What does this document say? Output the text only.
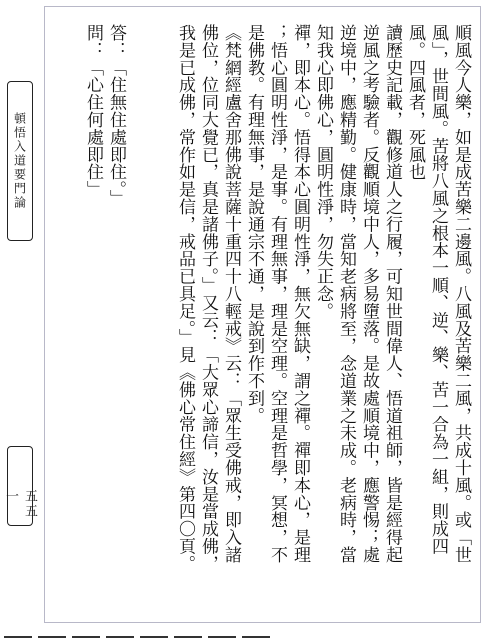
順風今人樂，如是成苦樂二邊風。八風及苦樂二風，共成十風。或「世
風」，世間風。苦將八風之根本一順、逆、樂、苦一合為一組，則成四
風。四風者，死風也
讀歷史記載，觀修道人之行履，可知世間偉人、悟道祖師，皆是經得起
逆風之考驗者。反觀順境中人，多易墮落。是故處順境中，應警惕；處
逆境中，應精勤。健康時，當知老病將至，念道業之未成。老病時，當
知我心即佛心，圓明性淨，勿失正念。
禪，即本心。悟得本心圓明性淨，無欠無缺，謂之禪。禪即本心，是理
；悟心圓明性淨，是事。有理無事，理是空理。空理是哲學，冥想，不
是佛教。有理無事，是說通宗不通，是說到作不到。
《梵網經盧舍那佛說菩薩十重四十八輕戒》云：「眾生受佛戒，即入諸
佛位，位同大覺已，真是諸佛子。」又云：「大眾心諦信，汝是當成佛，
我是已成佛，常作如是信，戒品已具足。」見《佛心常住經》第四〇頁。
答：「住無住處即住。」
問：「心住何處即住」
頓悟入道要門論
五五一
